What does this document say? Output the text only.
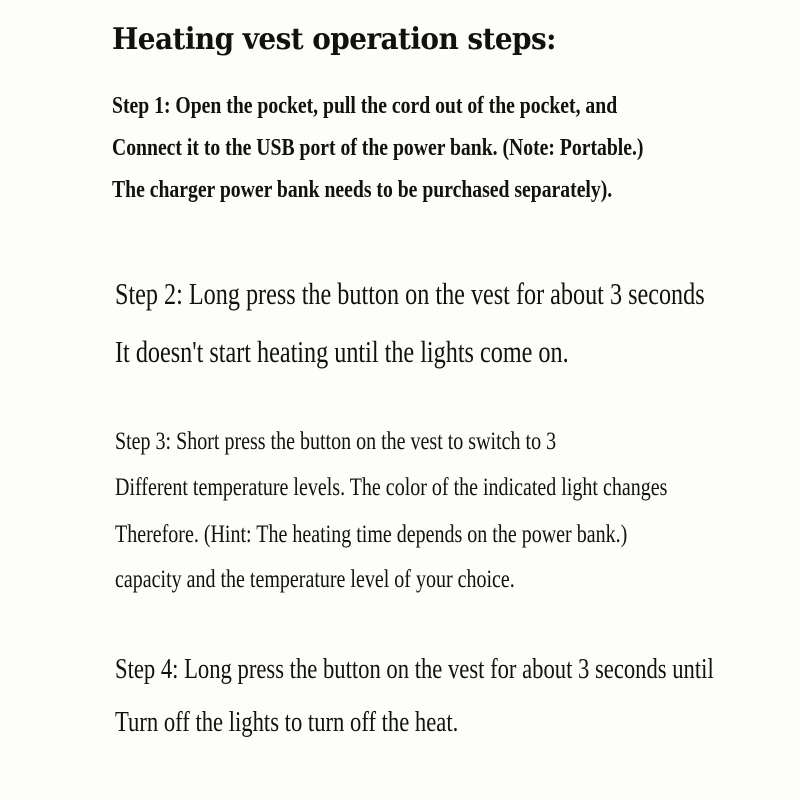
Heating vest operation steps:
Step 1: Open the pocket, pull the cord out of the pocket, and
Connect it to the USB port of the power bank. (Note: Portable.)
The charger power bank needs to be purchased separately).
Step 2: Long press the button on the vest for about 3 seconds
It doesn't start heating until the lights come on.
Step 3: Short press the button on the vest to switch to 3
Different temperature levels. The color of the indicated light changes
Therefore. (Hint: The heating time depends on the power bank.)
capacity and the temperature level of your choice.
Step 4: Long press the button on the vest for about 3 seconds until
Turn off the lights to turn off the heat.
